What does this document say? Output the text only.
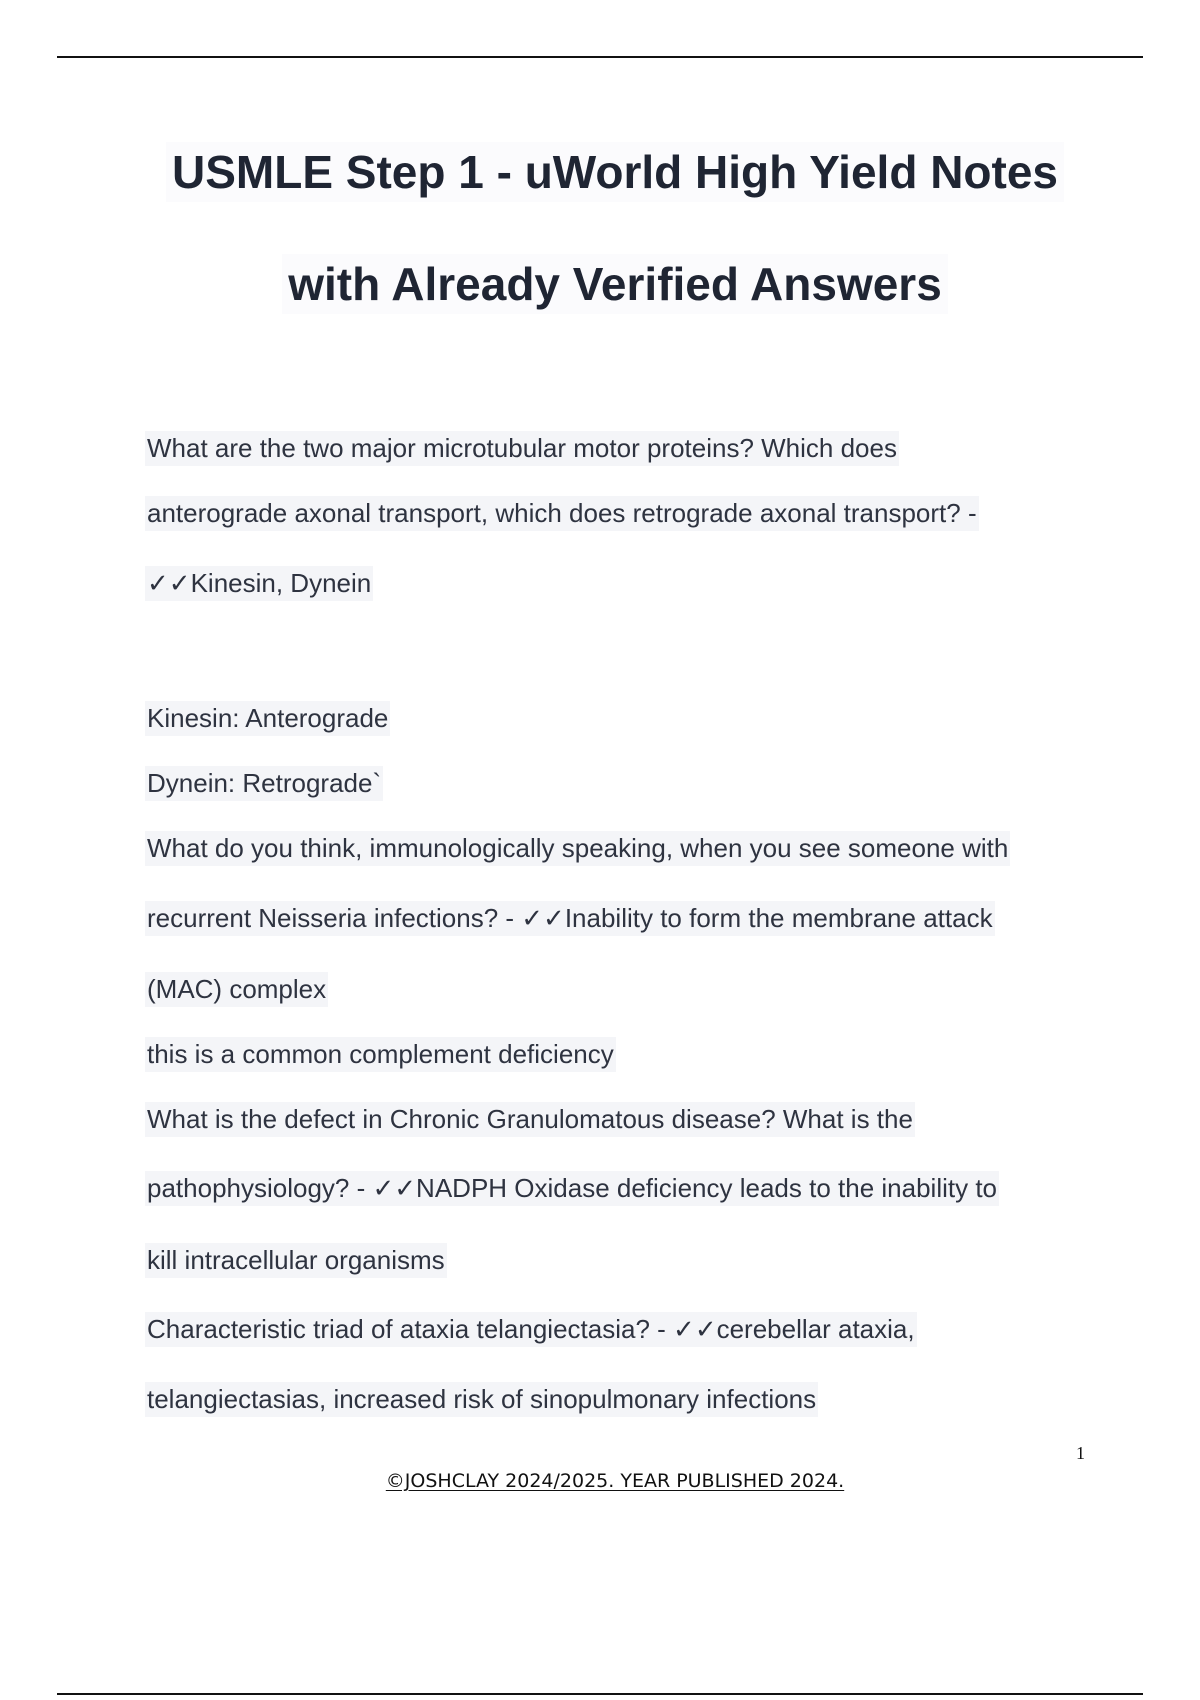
USMLE Step 1 - uWorld High Yield Notes
with Already Verified Answers
What are the two major microtubular motor proteins? Which does
anterograde axonal transport, which does retrograde axonal transport? -
✓✓Kinesin, Dynein
Kinesin: Anterograde
Dynein: Retrograde`
What do you think, immunologically speaking, when you see someone with
recurrent Neisseria infections? - ✓✓Inability to form the membrane attack
(MAC) complex
this is a common complement deficiency
What is the defect in Chronic Granulomatous disease? What is the
pathophysiology? - ✓✓NADPH Oxidase deficiency leads to the inability to
kill intracellular organisms
Characteristic triad of ataxia telangiectasia? - ✓✓cerebellar ataxia,
telangiectasias, increased risk of sinopulmonary infections
1
©JOSHCLAY 2024/2025. YEAR PUBLISHED 2024.
